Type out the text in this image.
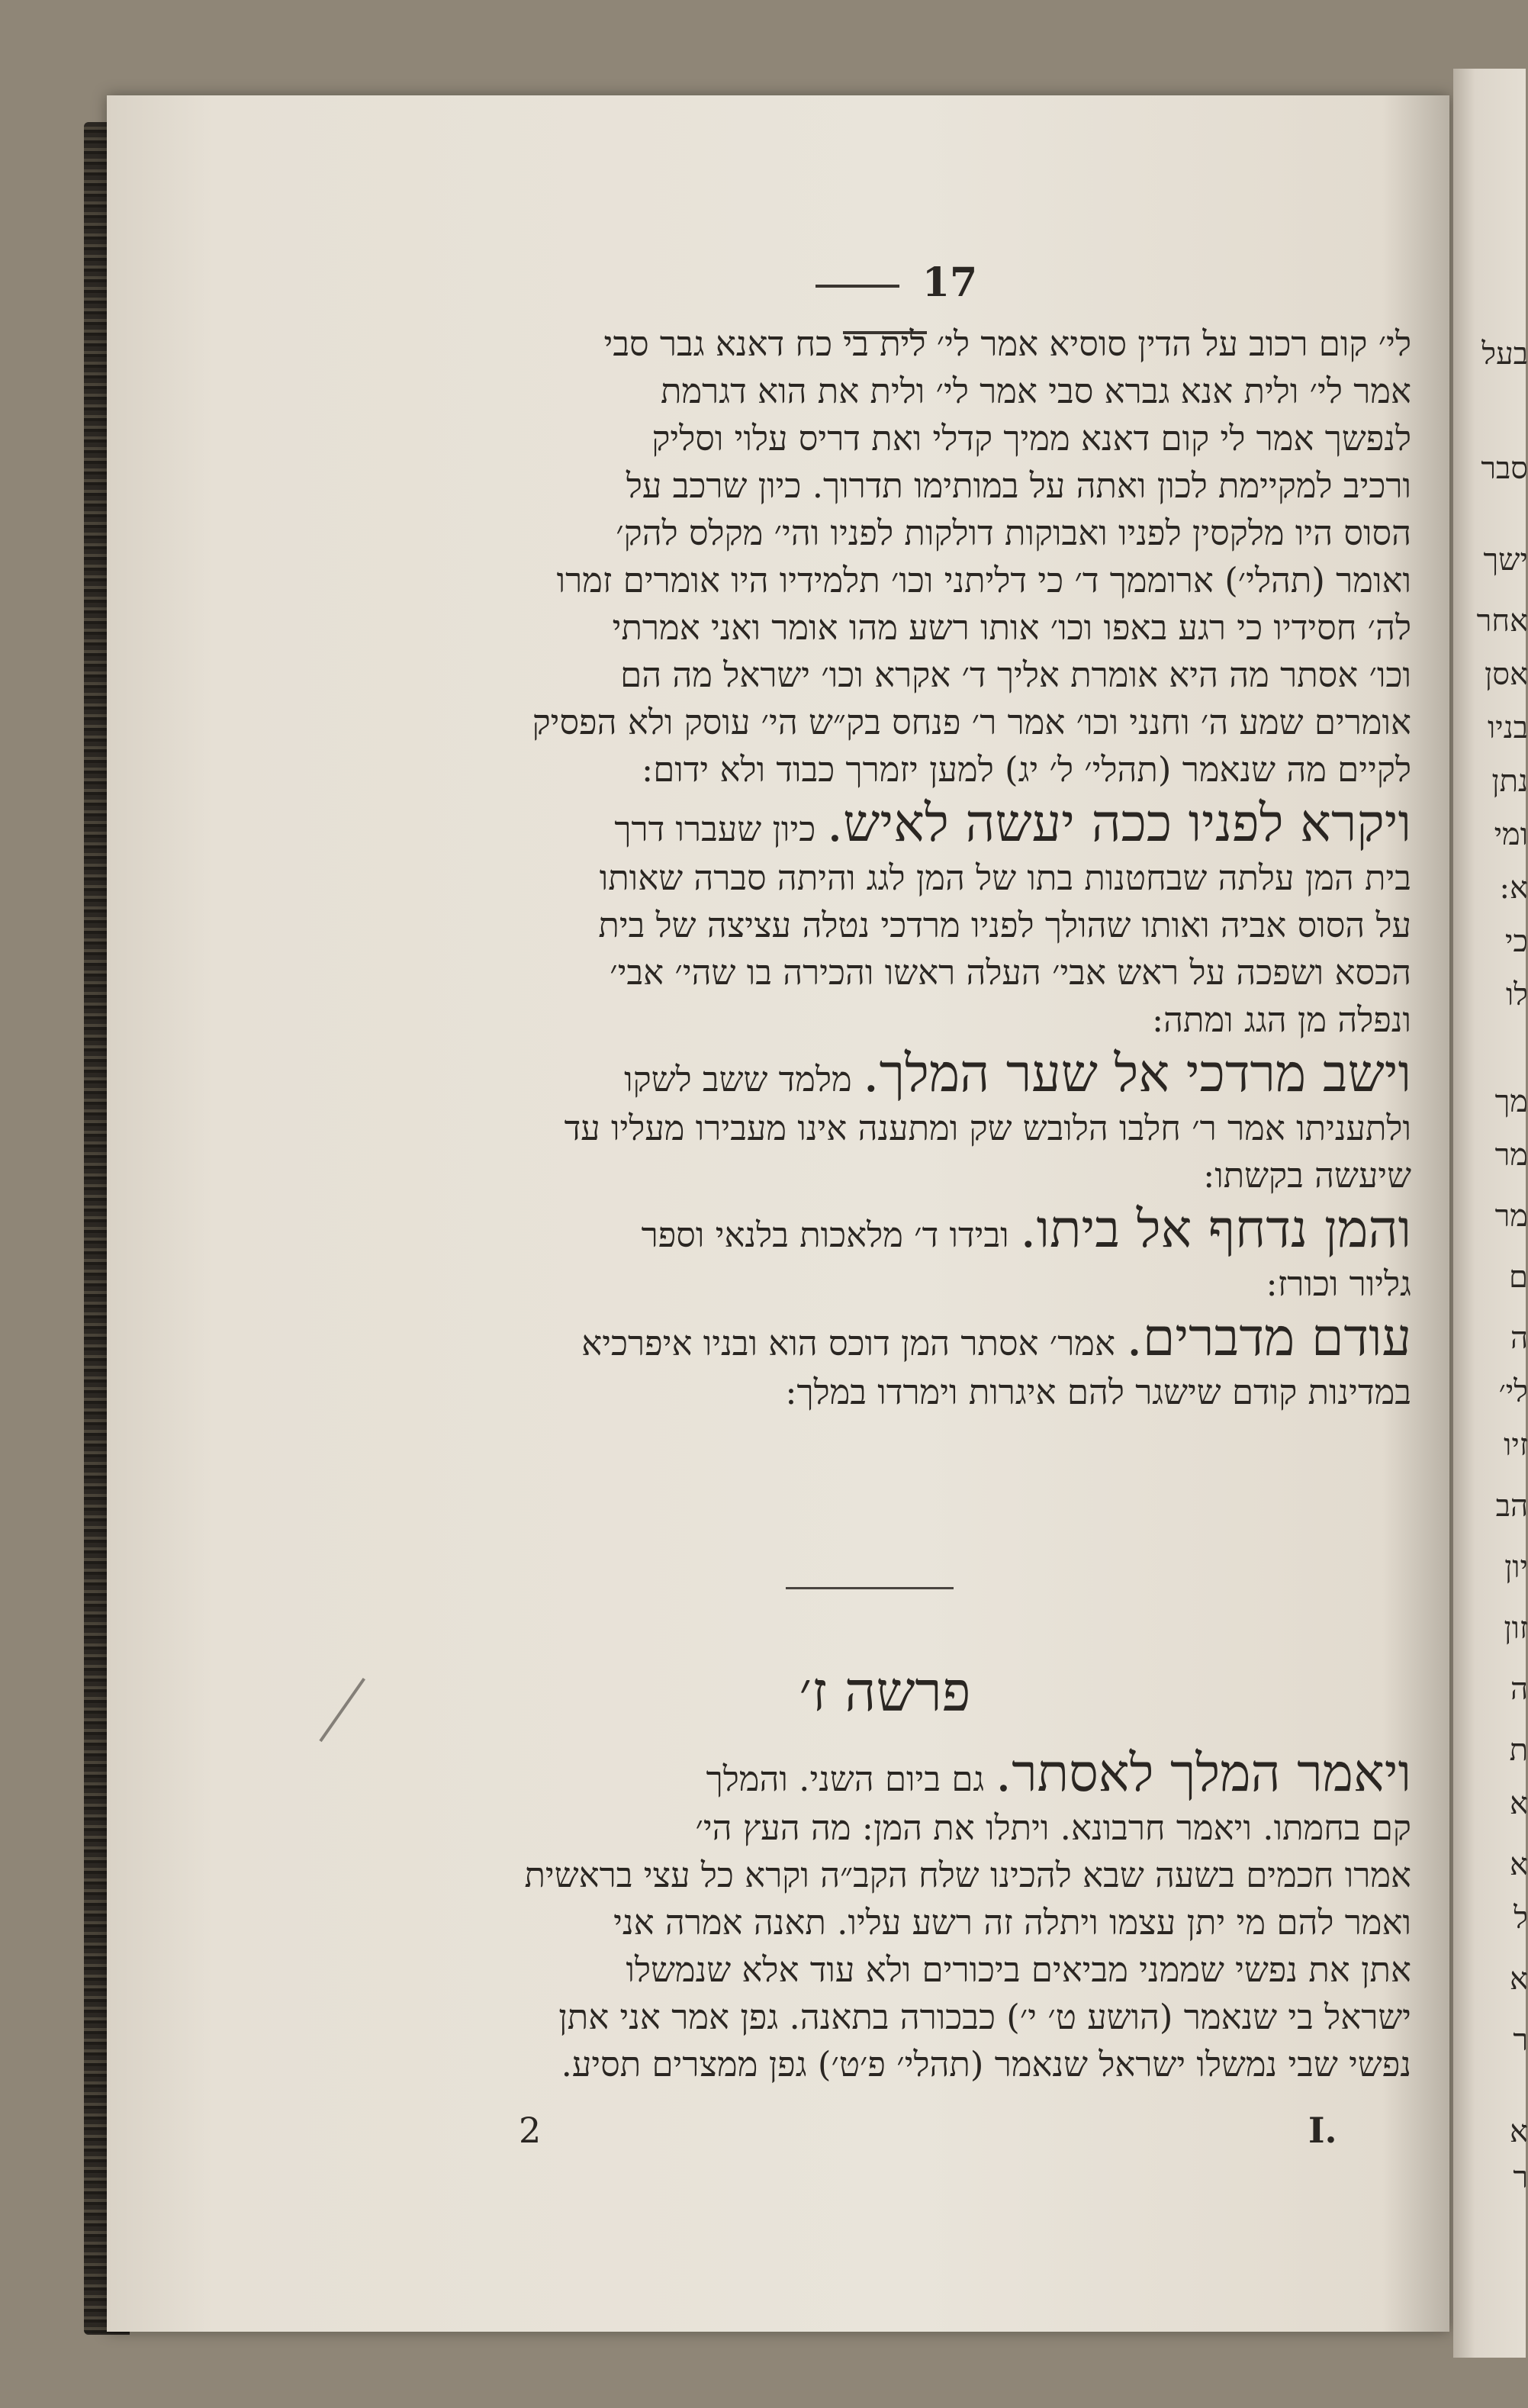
בעל
סבר
ישך
אחר
אסן
בניו
נתן
ומי
א:
כי
לו
מך
מר
מר
ם
ה
לי׳
זיו
הב
יון
זון
ה
ת
א
א
ל
א
ר
א
ר
17
לי׳ קום רכוב על הדין סוסיא אמר לי׳ לית בי כח דאנא גבר סבי
אמר לי׳ ולית אנא גברא סבי אמר לי׳ ולית את הוא דגרמת
לנפשך אמר לי קום דאנא ממיך קדלי ואת דריס עלוי וסליק
ורכיב למקיימת לכון ואתה על במותימו תדרוך. כיון שרכב על
הסוס היו מלקסין לפניו ואבוקות דולקות לפניו והי׳ מקלס להק׳
ואומר (תהלי׳) ארוממך ד׳ כי דליתני וכו׳ תלמידיו היו אומרים זמרו
לה׳ חסידיו כי רגע באפו וכו׳ אותו רשע מהו אומר ואני אמרתי
וכו׳ אסתר מה היא אומרת אליך ד׳ אקרא וכו׳ ישראל מה הם
אומרים שמע ה׳ וחנני וכו׳ אמר ר׳ פנחס בק״ש הי׳ עוסק ולא הפסיק
לקיים מה שנאמר (תהלי׳ ל׳ יג) למען יזמרך כבוד ולא ידום:
ויקרא לפניו ככה יעשה לאיש. כיון שעברו דרך
בית המן עלתה שבחטנות בתו של המן לגג והיתה סברה שאותו
על הסוס אביה ואותו שהולך לפניו מרדכי נטלה עציצה של בית
הכסא ושפכה על ראש אבי׳ העלה ראשו והכירה בו שהי׳ אבי׳
ונפלה מן הגג ומתה:
וישב מרדכי אל שער המלך. מלמד ששב לשקו
ולתעניתו אמר ר׳ חלבו הלובש שק ומתענה אינו מעבירו מעליו עד
שיעשה בקשתו:
והמן נדחף אל ביתו. ובידו ד׳ מלאכות בלנאי וספר
גליור וכורז:
עודם מדברים. אמר׳ אסתר המן דוכס הוא ובניו איפרכיא
במדינות קודם שישגר להם איגרות וימרדו במלך:
פרשה ז׳
ויאמר המלך לאסתר. גם ביום השני. והמלך
קם בחמתו. ויאמר חרבונא. ויתלו את המן: מה העץ הי׳
אמרו חכמים בשעה שבא להכינו שלח הקב״ה וקרא כל עצי בראשית
ואמר להם מי יתן עצמו ויתלה זה רשע עליו. תאנה אמרה אני
אתן את נפשי שממני מביאים ביכורים ולא עוד אלא שנמשלו
ישראל בי שנאמר (הושע ט׳ י׳) כבכורה בתאנה. גפן אמר אני אתן
נפשי שבי נמשלו ישראל שנאמר (תהלי׳ פ׳ט׳) גפן ממצרים תסיע.
2	I.
